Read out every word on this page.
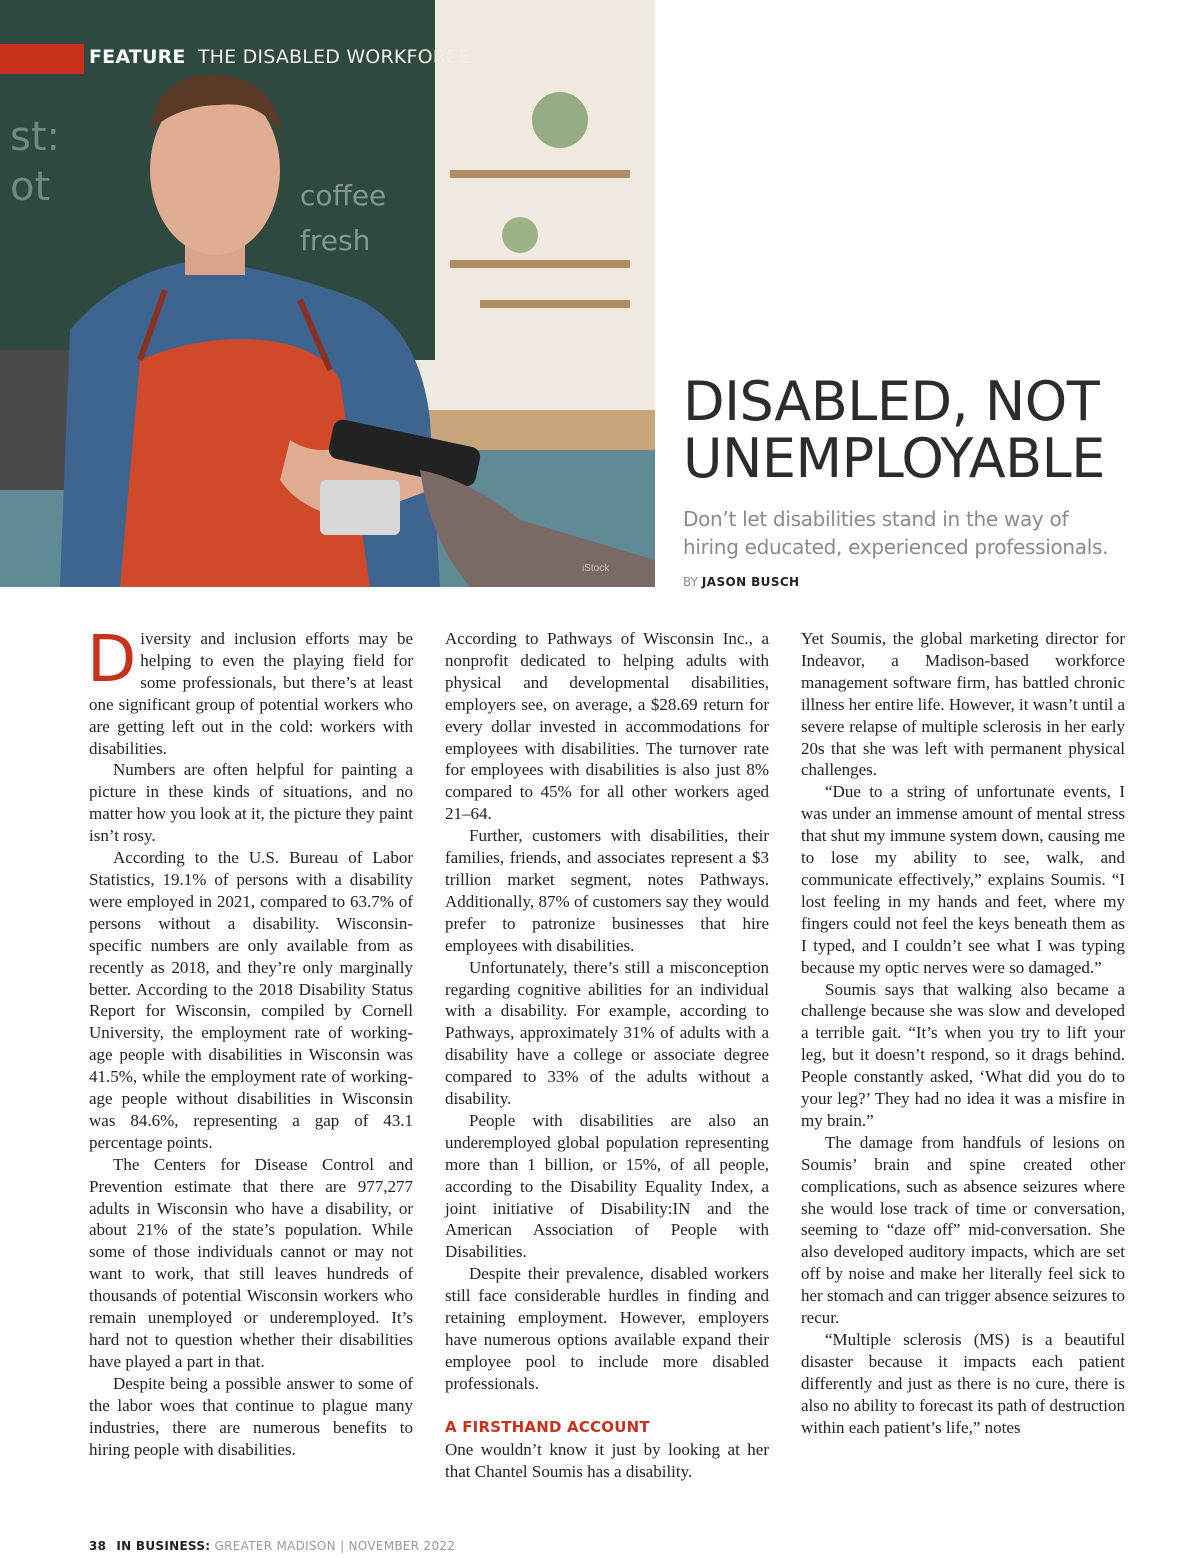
coffee
fresh
st:
ot
FEATURE THE DISABLED WORKFORCE
iStock
DISABLED, NOT
UNEMPLOYABLE
Don’t let disabilities stand in the way of hiring educated, experienced professionals.
BY JASON BUSCH

Diversity and inclusion efforts may be helping to even the playing field for some professionals, but there’s at least one significant group of potential workers who are getting left out in the cold: workers with disabilities.

Numbers are often helpful for painting a picture in these kinds of situations, and no matter how you look at it, the picture they paint isn’t rosy.

According to the U.S. Bureau of Labor Statistics, 19.1% of persons with a disability were employed in 2021, compared to 63.7% of persons without a disability. Wisconsin-specific numbers are only available from as recently as 2018, and they’re only marginally better. According to the 2018 Disability Status Report for Wisconsin, compiled by Cornell University, the employment rate of working-age people with disabilities in Wisconsin was 41.5%, while the employment rate of working-age people without disabilities in Wisconsin was 84.6%, representing a gap of 43.1 percentage points.

The Centers for Disease Control and Prevention estimate that there are 977,277 adults in Wisconsin who have a disability, or about 21% of the state’s population. While some of those individuals cannot or may not want to work, that still leaves hundreds of thousands of potential Wisconsin workers who remain unemployed or underemployed. It’s hard not to question whether their disabilities have played a part in that.

Despite being a possible answer to some of the labor woes that continue to plague many industries, there are numerous benefits to hiring people with disabilities.

According to Pathways of Wisconsin Inc., a nonprofit dedicated to helping adults with physical and developmental disabilities, employers see, on average, a $28.69 return for every dollar invested in accommodations for employees with disabilities. The turnover rate for employees with disabilities is also just 8% compared to 45% for all other workers aged 21–64.

Further, customers with disabilities, their families, friends, and associates represent a $3 trillion market segment, notes Pathways. Additionally, 87% of customers say they would prefer to patronize businesses that hire employees with disabilities.

Unfortunately, there’s still a misconception regarding cognitive abilities for an individual with a disability. For example, according to Pathways, approximately 31% of adults with a disability have a college or associate degree compared to 33% of the adults without a disability.

People with disabilities are also an underemployed global population representing more than 1 billion, or 15%, of all people, according to the Disability Equality Index, a joint initiative of Disability:IN and the American Association of People with Disabilities.

Despite their prevalence, disabled workers still face considerable hurdles in finding and retaining employment. However, employers have numerous options available expand their employee pool to include more disabled professionals.

A FIRSTHAND ACCOUNT

One wouldn’t know it just by looking at her that Chantel Soumis has a disability.

Yet Soumis, the global marketing director for Indeavor, a Madison-based workforce management software firm, has battled chronic illness her entire life. However, it wasn’t until a severe relapse of multiple sclerosis in her early 20s that she was left with permanent physical challenges.

“Due to a string of unfortunate events, I was under an immense amount of mental stress that shut my immune system down, causing me to lose my ability to see, walk, and communicate effectively,” explains Soumis. “I lost feeling in my hands and feet, where my fingers could not feel the keys beneath them as I typed, and I couldn’t see what I was typing because my optic nerves were so damaged.”

Soumis says that walking also became a challenge because she was slow and developed a terrible gait. “It’s when you try to lift your leg, but it doesn’t respond, so it drags behind. People constantly asked, ‘What did you do to your leg?’ They had no idea it was a misfire in my brain.”

The damage from handfuls of lesions on Soumis’ brain and spine created other complications, such as absence seizures where she would lose track of time or conversation, seeming to “daze off” mid-conversation. She also developed auditory impacts, which are set off by noise and make her literally feel sick to her stomach and can trigger absence seizures to recur.

“Multiple sclerosis (MS) is a beautiful disaster because it impacts each patient differently and just as there is no cure, there is also no ability to forecast its path of destruction within each patient’s life,” notes

38 IN BUSINESS: GREATER MADISON | NOVEMBER 2022
